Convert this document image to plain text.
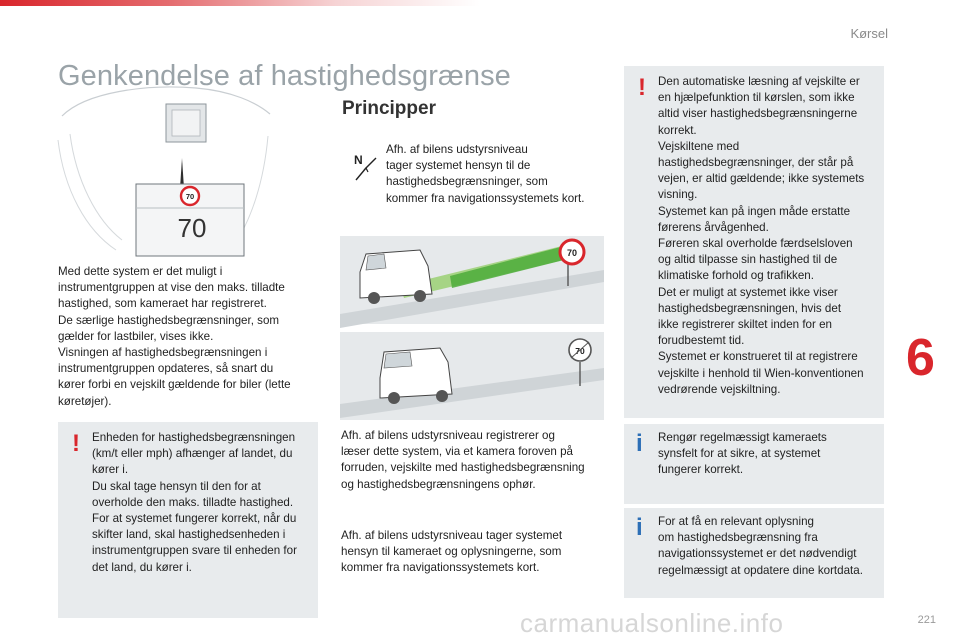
Kørsel
Genkendelse af hastighedsgrænse
70
70
Med dette system er det muligt i
instrumentgruppen at vise den maks. tilladte
hastighed, som kameraet har registreret.
De særlige hastighedsbegrænsninger, som
gælder for lastbiler, vises ikke.
Visningen af hastighedsbegrænsningen i
instrumentgruppen opdateres, så snart du
kører forbi en vejskilt gældende for biler (lette
køretøjer).
! Enheden for hastighedsbegrænsningen
(km/t eller mph) afhænger af landet, du
kører i.
Du skal tage hensyn til den for at
overholde den maks. tilladte hastighed.
For at systemet fungerer korrekt, når du
skifter land, skal hastighedsenheden i
instrumentgruppen svare til enheden for
det land, du kører i.
Principper
N
Afh. af bilens udstyrsniveau
tager systemet hensyn til de
hastighedsbegrænsninger, som
kommer fra navigationssystemets kort.
70
70
Afh. af bilens udstyrsniveau registrerer og
læser dette system, via et kamera foroven på
forruden, vejskilte med hastighedsbegrænsning
og hastighedsbegrænsningens ophør.
Afh. af bilens udstyrsniveau tager systemet
hensyn til kameraet og oplysningerne, som
kommer fra navigationssystemets kort.
! Den automatiske læsning af vejskilte er
en hjælpefunktion til kørslen, som ikke
altid viser hastighedsbegrænsningerne
korrekt.
Vejskiltene med
hastighedsbegrænsninger, der står på
vejen, er altid gældende; ikke systemets
visning.
Systemet kan på ingen måde erstatte
førerens årvågenhed.
Føreren skal overholde færdselsloven
og altid tilpasse sin hastighed til de
klimatiske forhold og trafikken.
Det er muligt at systemet ikke viser
hastighedsbegrænsningen, hvis det
ikke registrerer skiltet inden for en
forudbestemt tid.
Systemet er konstrueret til at registrere
vejskilte i henhold til Wien-konventionen
vedrørende vejskiltning.
i Rengør regelmæssigt kameraets
synsfelt for at sikre, at systemet
fungerer korrekt.
i For at få en relevant oplysning
om hastighedsbegrænsning fra
navigationssystemet er det nødvendigt
regelmæssigt at opdatere dine kortdata.
6
carmanualsonline.info	221
